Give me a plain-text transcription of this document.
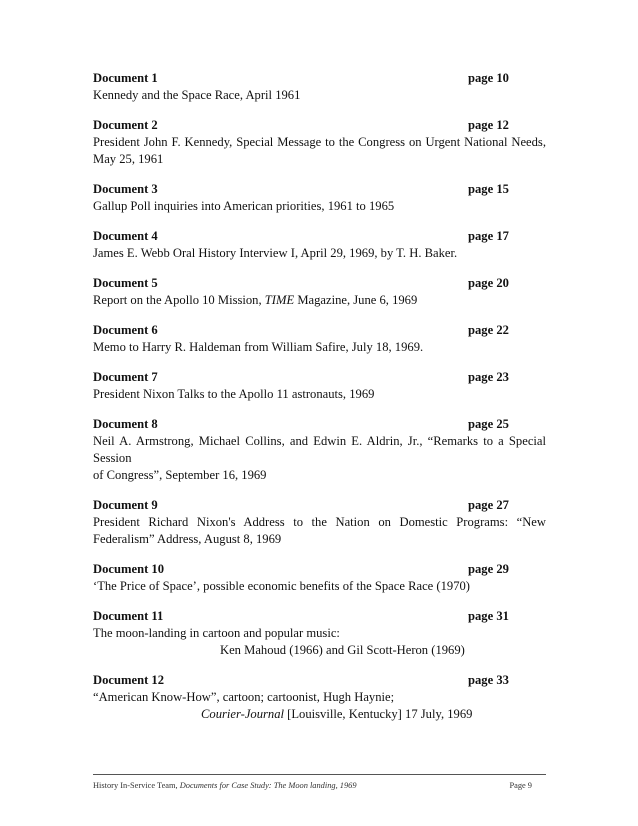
Document 1	page 10
Kennedy and the Space Race, April 1961
Document 2	page 12
President John F. Kennedy, Special Message to the Congress on Urgent National Needs,
May 25, 1961
Document 3	page 15
Gallup Poll inquiries into American priorities, 1961 to 1965
Document 4	page 17
James E. Webb Oral History Interview I, April 29, 1969, by T. H. Baker.
Document 5	page 20
Report on the Apollo 10 Mission, TIME Magazine, June 6, 1969
Document 6	page 22
Memo to Harry R. Haldeman from William Safire, July 18, 1969.
Document 7	page 23
President Nixon Talks to the Apollo 11 astronauts, 1969
Document 8	page 25
Neil A. Armstrong, Michael Collins, and Edwin E. Aldrin, Jr., “Remarks to a Special Session
of Congress”, September 16, 1969
Document 9	page 27
President Richard Nixon's Address to the Nation on Domestic Programs: “New
Federalism” Address, August 8, 1969
Document 10	page 29
‘The Price of Space’, possible economic benefits of the Space Race (1970)
Document 11	page 31
The moon-landing in cartoon and popular music:
Ken Mahoud (1966) and Gil Scott-Heron (1969)
Document 12	page 33
“American Know-How”, cartoon; cartoonist, Hugh Haynie;
Courier-Journal [Louisville, Kentucky] 17 July, 1969
History In-Service Team, Documents for Case Study: The Moon landing, 1969	Page 9
